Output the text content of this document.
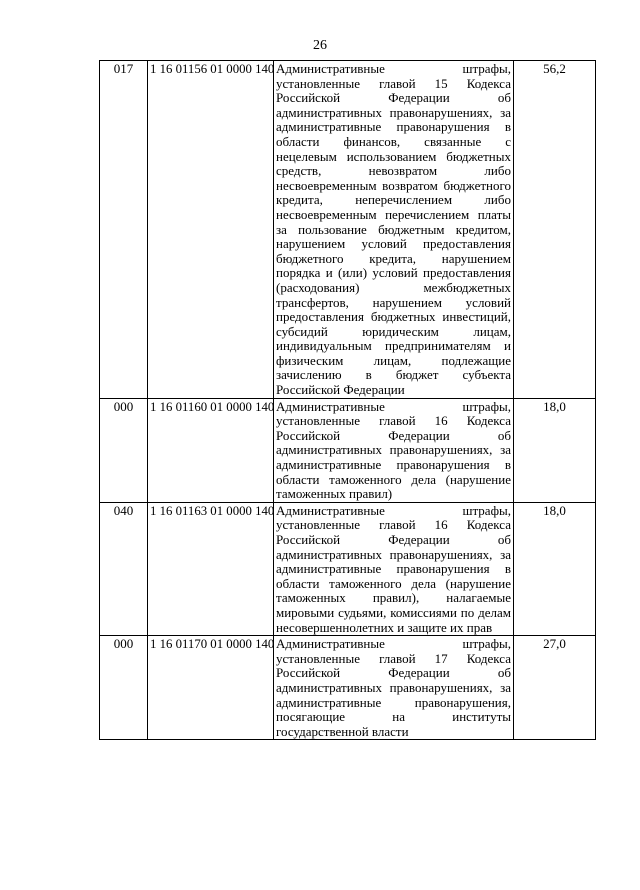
26
017	1 16 01156 01 0000 140	Административные штрафы, установленные главой 15 Кодекса Российской Федерации об административных правонарушениях, за административные правонарушения в области финансов, связанные с нецелевым использованием бюджетных средств, невозвратом либо несвоевременным возвратом бюджетного кредита, неперечислением либо несвоевременным перечислением платы за пользование бюджетным кредитом, нарушением условий предоставления бюджетного кредита, нарушением порядка и (или) условий предоставления (расходования) межбюджетных трансфертов, нарушением условий предоставления бюджетных инвестиций, субсидий юридическим лицам, индивидуальным предпринимателям и физическим лицам, подлежащие зачислению в бюджет субъекта Российской Федерации	56,2
000	1 16 01160 01 0000 140	Административные штрафы, установленные главой 16 Кодекса Российской Федерации об административных правонарушениях, за административные правонарушения в области таможенного дела (нарушение таможенных правил)	18,0
040	1 16 01163 01 0000 140	Административные штрафы, установленные главой 16 Кодекса Российской Федерации об административных правонарушениях, за административные правонарушения в области таможенного дела (нарушение таможенных правил), налагаемые мировыми судьями, комиссиями по делам несовершеннолетних и защите их прав	18,0
000	1 16 01170 01 0000 140	Административные штрафы, установленные главой 17 Кодекса Российской Федерации об административных правонарушениях, за административные правонарушения, посягающие на институты государственной власти	27,0
